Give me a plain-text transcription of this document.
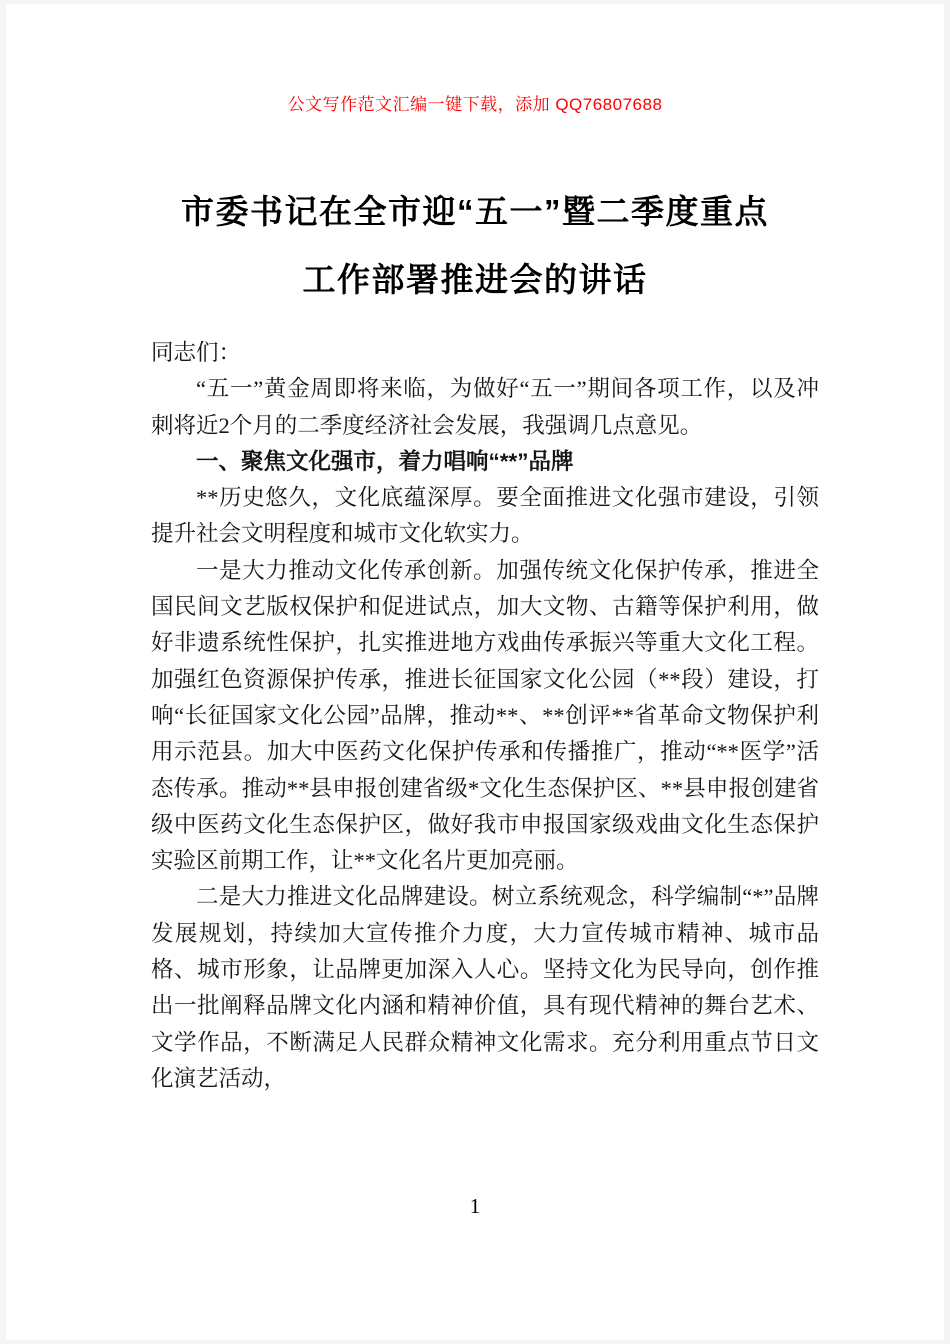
公文写作范文汇编一键下载，添加 QQ76807688
市委书记在全市迎“五一”暨二季度重点
工作部署推进会的讲话

同志们：

“五一”黄金周即将来临，为做好“五一”期间各项工作，以及冲刺将近2个月的二季度经济社会发展，我强调几点意见。

一、聚焦文化强市，着力唱响“**”品牌

**历史悠久，文化底蕴深厚。要全面推进文化强市建设，引领提升社会文明程度和城市文化软实力。

一是大力推动文化传承创新。加强传统文化保护传承，推进全国民间文艺版权保护和促进试点，加大文物、古籍等保护利用，做好非遗系统性保护，扎实推进地方戏曲传承振兴等重大文化工程。加强红色资源保护传承，推进长征国家文化公园（**段）建设，打响“长征国家文化公园”品牌，推动**、**创评**省革命文物保护利用示范县。加大中医药文化保护传承和传播推广，推动“**医学”活态传承。推动**县申报创建省级*文化生态保护区、**县申报创建省级中医药文化生态保护区，做好我市申报国家级戏曲文化生态保护实验区前期工作，让**文化名片更加亮丽。

二是大力推进文化品牌建设。树立系统观念，科学编制“*”品牌发展规划，持续加大宣传推介力度，大力宣传城市精神、城市品格、城市形象，让品牌更加深入人心。坚持文化为民导向，创作推出一批阐释品牌文化内涵和精神价值，具有现代精神的舞台艺术、文学作品，不断满足人民群众精神文化需求。充分利用重点节日文化演艺活动，

1
